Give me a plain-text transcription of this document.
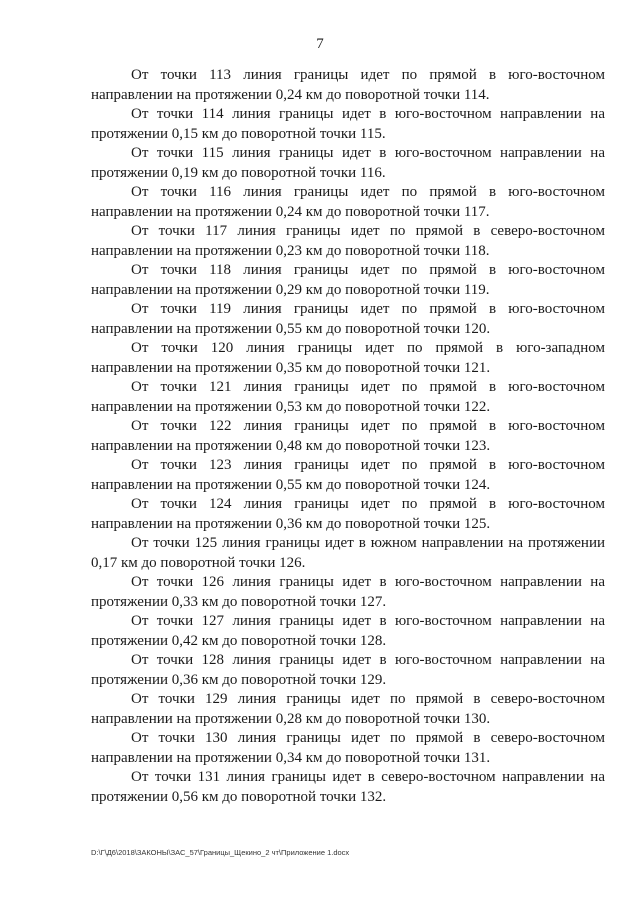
7

От точки 113 линия границы идет по прямой в юго-восточном направлении на протяжении 0,24 км до поворотной точки 114.

От точки 114 линия границы идет в юго-восточном направлении на протяжении 0,15 км до поворотной точки 115.

От точки 115 линия границы идет в юго-восточном направлении на протяжении 0,19 км до поворотной точки 116.

От точки 116 линия границы идет по прямой в юго-восточном направлении на протяжении 0,24 км до поворотной точки 117.

От точки 117 линия границы идет по прямой в северо-восточном направлении на протяжении 0,23 км до поворотной точки 118.

От точки 118 линия границы идет по прямой в юго-восточном направлении на протяжении 0,29 км до поворотной точки 119.

От точки 119 линия границы идет по прямой в юго-восточном направлении на протяжении 0,55 км до поворотной точки 120.

От точки 120 линия границы идет по прямой в юго-западном направлении на протяжении 0,35 км до поворотной точки 121.

От точки 121 линия границы идет по прямой в юго-восточном направлении на протяжении 0,53 км до поворотной точки 122.

От точки 122 линия границы идет по прямой в юго-восточном направлении на протяжении 0,48 км до поворотной точки 123.

От точки 123 линия границы идет по прямой в юго-восточном направлении на протяжении 0,55 км до поворотной точки 124.

От точки 124 линия границы идет по прямой в юго-восточном направлении на протяжении 0,36 км до поворотной точки 125.

От точки 125 линия границы идет в южном направлении на протяжении 0,17 км до поворотной точки 126.

От точки 126 линия границы идет в юго-восточном направлении на протяжении 0,33 км до поворотной точки 127.

От точки 127 линия границы идет в юго-восточном направлении на протяжении 0,42 км до поворотной точки 128.

От точки 128 линия границы идет в юго-восточном направлении на протяжении 0,36 км до поворотной точки 129.

От точки 129 линия границы идет по прямой в северо-восточном направлении на протяжении 0,28 км до поворотной точки 130.

От точки 130 линия границы идет по прямой в северо-восточном направлении на протяжении 0,34 км до поворотной точки 131.

От точки 131 линия границы идет в северо-восточном направлении на протяжении 0,56 км до поворотной точки 132.

D:\Г\Д6\2018\ЗАКОНЫ\ЗАС_57\Границы_Щекино_2 чт\Приложение 1.docx
